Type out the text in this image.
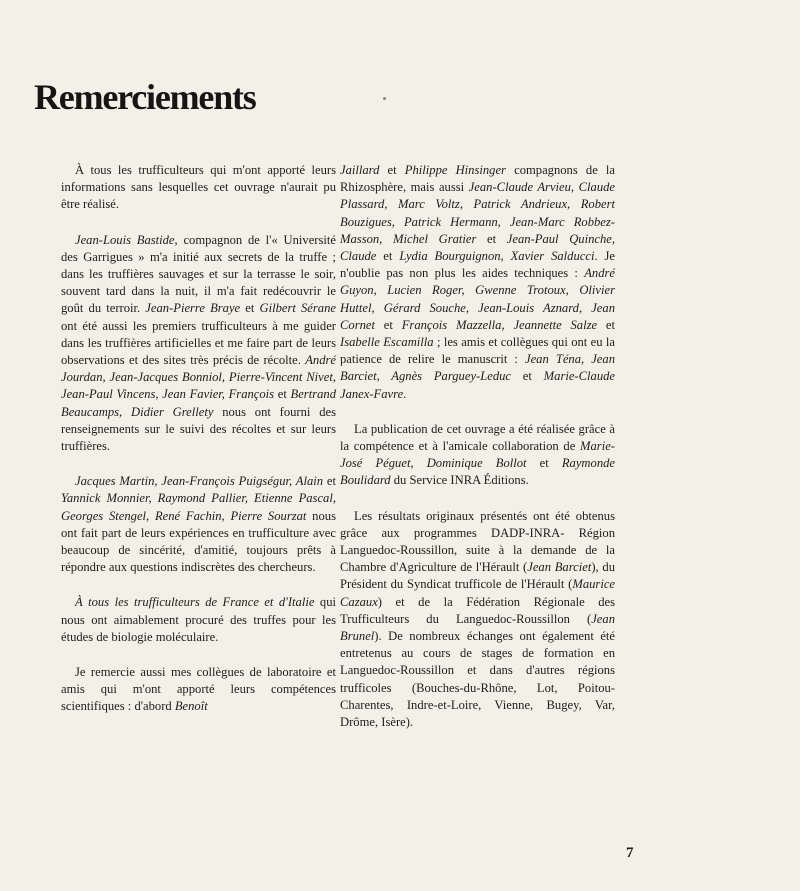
Remerciements

À tous les trufficulteurs qui m'ont apporté leurs informations sans lesquelles cet ouvrage n'aurait pu être réalisé.

Jean-Louis Bastide, compagnon de l'« Université des Garrigues » m'a initié aux secrets de la truffe ; dans les truffières sauvages et sur la terrasse le soir, souvent tard dans la nuit, il m'a fait redécouvrir le goût du terroir. Jean-Pierre Braye et Gilbert Sérane ont été aussi les premiers trufficulteurs à me guider dans les truffières artificielles et me faire part de leurs observations et des sites très précis de récolte. André Jourdan, Jean-Jacques Bonniol, Pierre-Vincent Nivet, Jean-Paul Vincens, Jean Favier, François et Bertrand Beaucamps, Didier Grellety nous ont fourni des renseignements sur le suivi des récoltes et sur leurs truffières.

Jacques Martin, Jean-François Puigségur, Alain et Yannick Monnier, Raymond Pallier, Etienne Pascal, Georges Stengel, René Fachin, Pierre Sourzat nous ont fait part de leurs expériences en trufficulture avec beaucoup de sincérité, d'amitié, toujours prêts à répondre aux questions indiscrètes des chercheurs.

À tous les trufficulteurs de France et d'Italie qui nous ont aimablement procuré des truffes pour les études de biologie moléculaire.

Je remercie aussi mes collègues de laboratoire et amis qui m'ont apporté leurs compétences scientifiques : d'abord Benoît

Jaillard et Philippe Hinsinger compagnons de la Rhizosphère, mais aussi Jean-Claude Arvieu, Claude Plassard, Marc Voltz, Patrick Andrieux, Robert Bouzigues, Patrick Hermann, Jean-Marc Robbez-Masson, Michel Gratier et Jean-Paul Quinche, Claude et Lydia Bourguignon, Xavier Salducci. Je n'oublie pas non plus les aides techniques : André Guyon, Lucien Roger, Gwenne Trotoux, Olivier Huttel, Gérard Souche, Jean-Louis Aznard, Jean Cornet et François Mazzella, Jeannette Salze et Isabelle Escamilla ; les amis et collègues qui ont eu la patience de relire le manuscrit : Jean Téna, Jean Barciet, Agnès Parguey-Leduc et Marie-Claude Janex-Favre.

La publication de cet ouvrage a été réalisée grâce à la compétence et à l'amicale collaboration de Marie-José Péguet, Dominique Bollot et Raymonde Boulidard du Service INRA Éditions.

Les résultats originaux présentés ont été obtenus grâce aux programmes DADP-INRA- Région Languedoc-Roussillon, suite à la demande de la Chambre d'Agriculture de l'Hérault (Jean Barciet), du Président du Syndicat trufficole de l'Hérault (Maurice Cazaux) et de la Fédération Régionale des Trufficulteurs du Languedoc-Roussillon (Jean Brunel). De nombreux échanges ont également été entretenus au cours de stages de formation en Languedoc-Roussillon et dans d'autres régions trufficoles (Bouches-du-Rhône, Lot, Poitou-Charentes, Indre-et-Loire, Vienne, Bugey, Var, Drôme, Isère).

7
